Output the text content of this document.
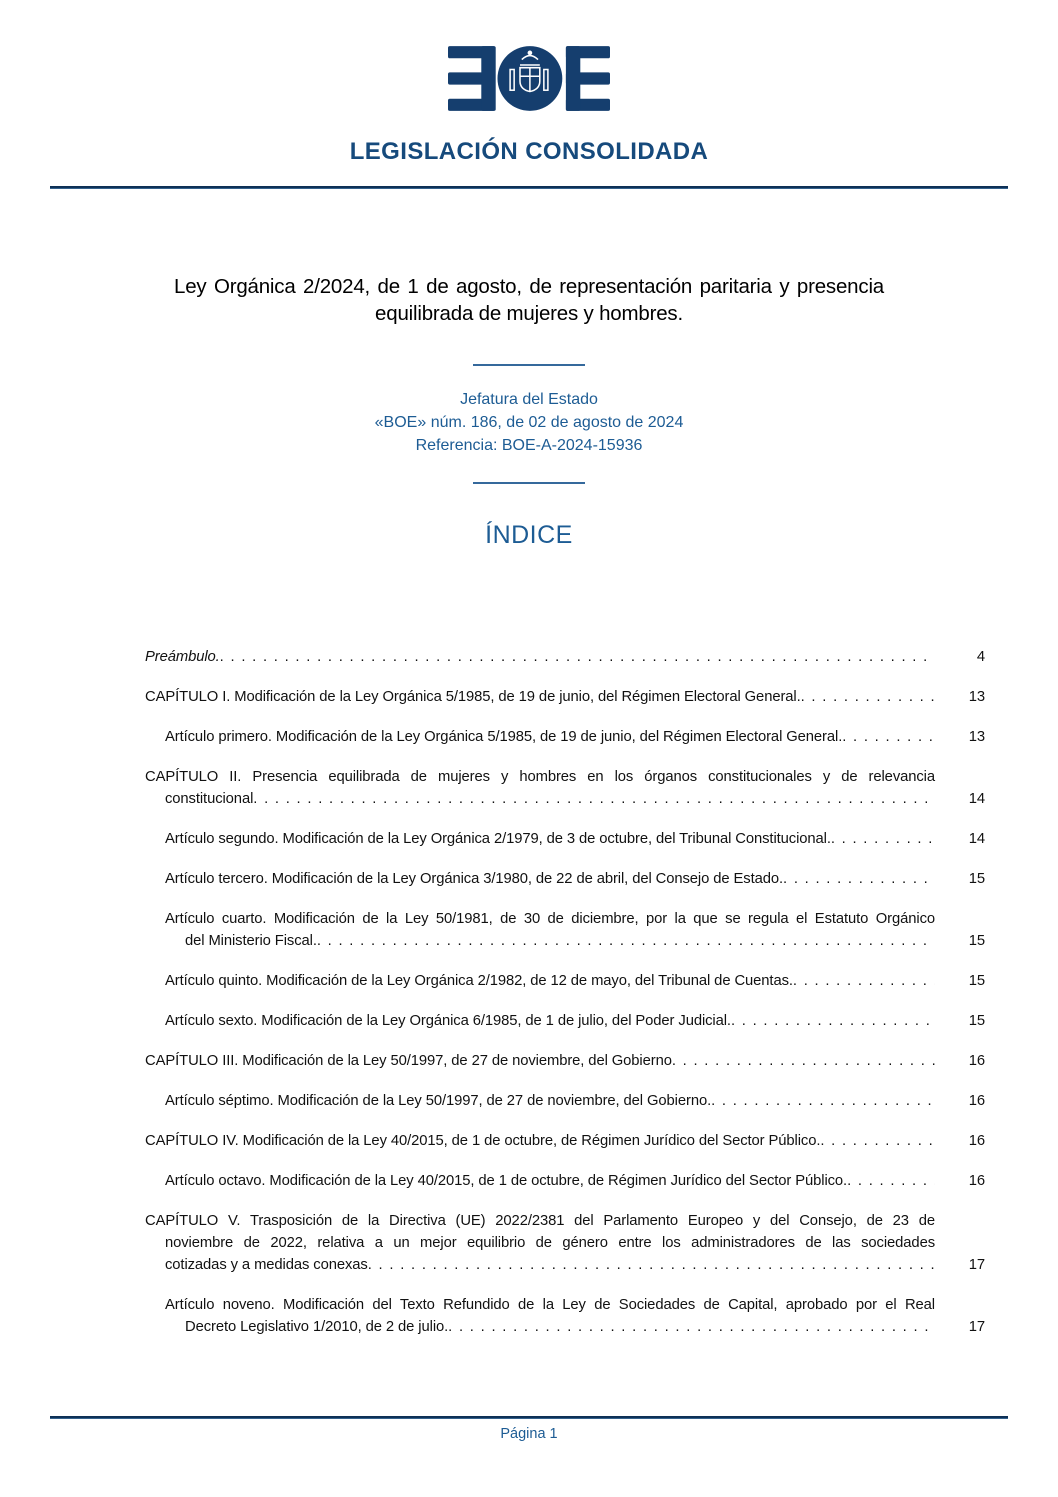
LEGISLACIÓN CONSOLIDADA

Ley Orgánica 2/2024, de 1 de agosto, de representación paritaria y presencia equilibrada de mujeres y hombres.

Jefatura del Estado
«BOE» núm. 186, de 02 de agosto de 2024
Referencia: BOE-A-2024-15936
ÍNDICE
Preámbulo. . . .	4
CAPÍTULO I. Modificación de la Ley Orgánica 5/1985, de 19 de junio, del Régimen Electoral General. . . .	13
Artículo primero. Modificación de la Ley Orgánica 5/1985, de 19 de junio, del Régimen Electoral General. . . .	13
CAPÍTULO II. Presencia equilibrada de mujeres y hombres en los órganos constitucionales y de relevancia
constitucional . . .	14
Artículo segundo. Modificación de la Ley Orgánica 2/1979, de 3 de octubre, del Tribunal Constitucional. . . .	14
Artículo tercero. Modificación de la Ley Orgánica 3/1980, de 22 de abril, del Consejo de Estado. . . .	15
Artículo cuarto. Modificación de la Ley 50/1981, de 30 de diciembre, por la que se regula el Estatuto Orgánico
del Ministerio Fiscal. . . .	15
Artículo quinto. Modificación de la Ley Orgánica 2/1982, de 12 de mayo, del Tribunal de Cuentas. . . .	15
Artículo sexto. Modificación de la Ley Orgánica 6/1985, de 1 de julio, del Poder Judicial. . . .	15
CAPÍTULO III. Modificación de la Ley 50/1997, de 27 de noviembre, del Gobierno . . .	16
Artículo séptimo. Modificación de la Ley 50/1997, de 27 de noviembre, del Gobierno. . . .	16
CAPÍTULO IV. Modificación de la Ley 40/2015, de 1 de octubre, de Régimen Jurídico del Sector Público. . . .	16
Artículo octavo. Modificación de la Ley 40/2015, de 1 de octubre, de Régimen Jurídico del Sector Público. . . .	16
CAPÍTULO V. Trasposición de la Directiva (UE) 2022/2381 del Parlamento Europeo y del Consejo, de 23 de
noviembre de 2022, relativa a un mejor equilibrio de género entre los administradores de las sociedades
cotizadas y a medidas conexas . . .	17
Artículo noveno. Modificación del Texto Refundido de la Ley de Sociedades de Capital, aprobado por el Real
Decreto Legislativo 1/2010, de 2 de julio. . . .	17
Página 1
